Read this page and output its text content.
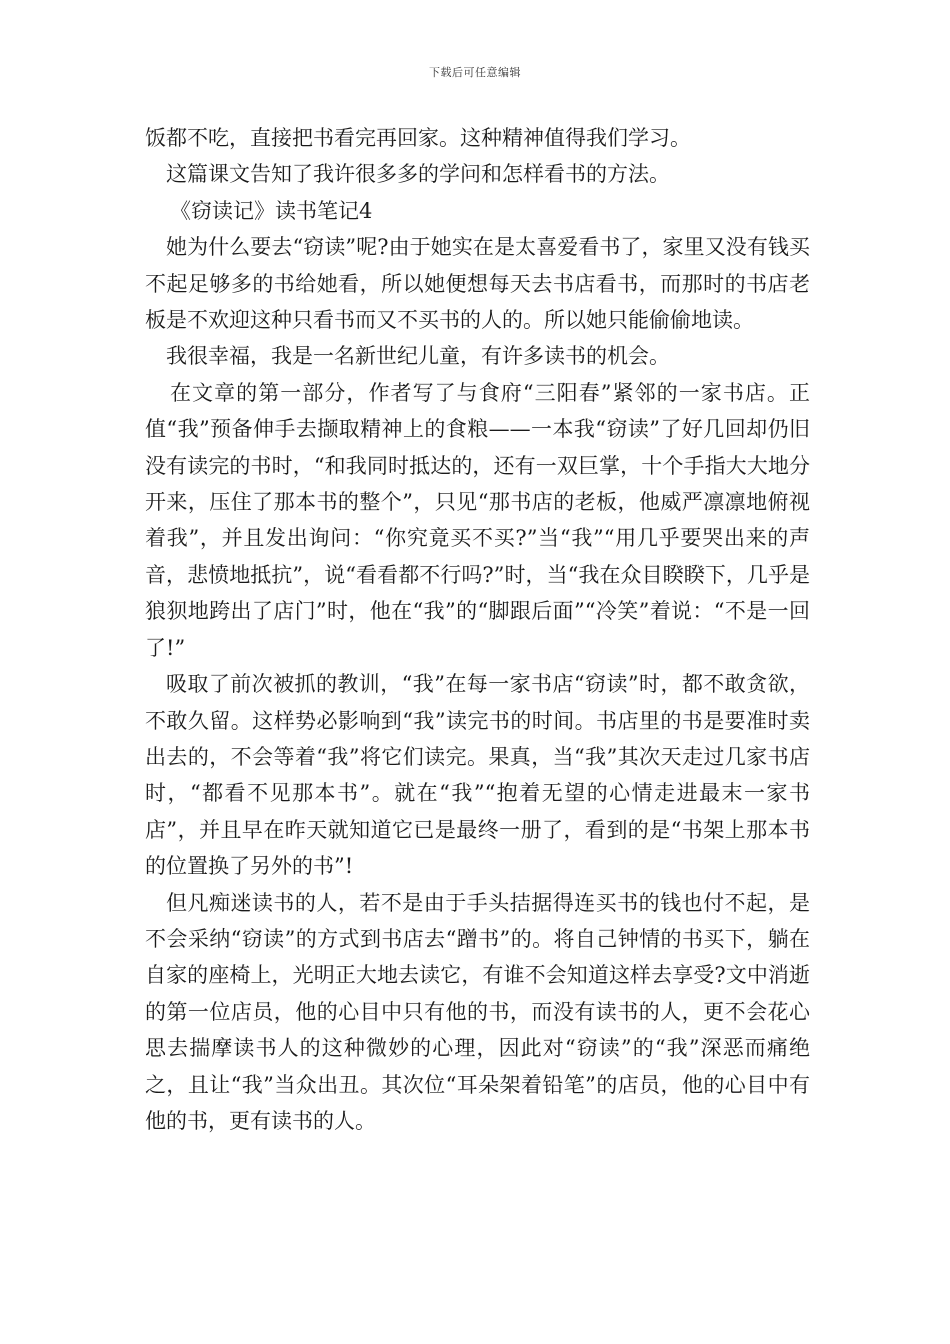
下载后可任意编辑

饭都不吃，直接把书看完再回家。这种精神值得我们学习。

这篇课文告知了我许很多多的学问和怎样看书的方法。

《窃读记》读书笔记4

她为什么要去“窃读”呢?由于她实在是太喜爱看书了，家里又没有钱买不起足够多的书给她看，所以她便想每天去书店看书，而那时的书店老板是不欢迎这种只看书而又不买书的人的。所以她只能偷偷地读。

我很幸福，我是一名新世纪儿童，有许多读书的机会。

在文章的第一部分，作者写了与食府“三阳春”紧邻的一家书店。正值“我”预备伸手去撷取精神上的食粮——一本我“窃读”了好几回却仍旧没有读完的书时，“和我同时抵达的，还有一双巨掌，十个手指大大地分开来，压住了那本书的整个”，只见“那书店的老板，他威严凛凛地俯视着我”，并且发出询问：“你究竟买不买?”当“我”“用几乎要哭出来的声音，悲愤地抵抗”，说“看看都不行吗?”时，当“我在众目睽睽下，几乎是狼狈地跨出了店门”时，他在“我”的“脚跟后面”“冷笑”着说：“不是一回了!”

吸取了前次被抓的教训，“我”在每一家书店“窃读”时，都不敢贪欲，不敢久留。这样势必影响到“我”读完书的时间。书店里的书是要准时卖出去的，不会等着“我”将它们读完。果真，当“我”其次天走过几家书店时，“都看不见那本书”。就在“我”“抱着无望的心情走进最末一家书店”，并且早在昨天就知道它已是最终一册了，看到的是“书架上那本书的位置换了另外的书”!

但凡痴迷读书的人，若不是由于手头拮据得连买书的钱也付不起，是不会采纳“窃读”的方式到书店去“蹭书”的。将自己钟情的书买下，躺在自家的座椅上，光明正大地去读它，有谁不会知道这样去享受?文中消逝的第一位店员，他的心目中只有他的书，而没有读书的人，更不会花心思去揣摩读书人的这种微妙的心理，因此对“窃读”的“我”深恶而痛绝之，且让“我”当众出丑。其次位“耳朵架着铅笔”的店员，他的心目中有他的书，更有读书的人。
